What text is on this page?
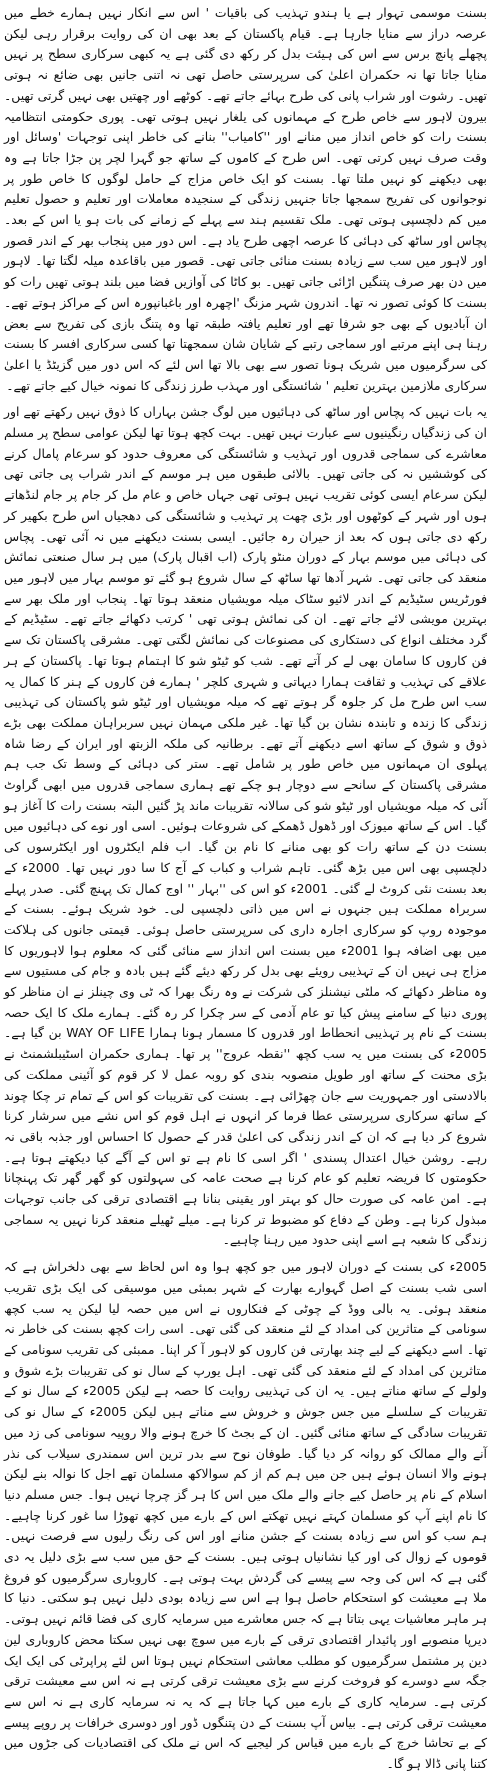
بسنت موسمی تہوار ہے یا ہندو تہذیب کی باقیات ' اس سے انکار نہیں ہمارے خطے میں عرصہ دراز سے منایا جارہا ہے۔ قیام پاکستان کے بعد بھی ان کی روایت برقرار رہی لیکن پچھلے پانچ برس سے اس کی ہیئت بدل کر رکھ دی گئی ہے یہ کبھی سرکاری سطح پر نہیں منایا جاتا تھا نہ حکمران اعلیٰ کی سرپرستی حاصل تھی نہ اتنی جانیں بھی ضائع نہ ہوتی تھیں۔ رشوت اور شراب پانی کی طرح بہائے جاتے تھے۔ کوٹھے اور چھتیں بھی نہیں گرتی تھیں۔ بیرون لاہور سے خاص طرح کے مہمانوں کی یلغار نہیں ہوتی تھی۔ پوری حکومتی انتظامیہ بسنت رات کو خاص انداز میں منانے اور ''کامیاب'' بنانے کی خاطر اپنی توجہات 'وسائل اور وقت صرف نہیں کرتی تھی۔ اس طرح کے کاموں کے ساتھ جو گہرا لچر پن جڑا جاتا ہے وہ بھی دیکھنے کو نہیں ملتا تھا۔ بسنت کو ایک خاص مزاج کے حامل لوگوں کا خاص طور پر نوجوانوں کی تفریح سمجھا جاتا جنہیں زندگی کے سنجیدہ معاملات اور تعلیم و حصول تعلیم میں کم دلچسپی ہوتی تھی۔ ملک تقسیم ہند سے پہلے کے زمانے کی بات ہو یا اس کے بعد۔ پچاس اور ساٹھ کی دہائی کا عرصہ اچھی طرح یاد ہے۔ اس دور میں پنجاب بھر کے اندر قصور اور لاہور میں سب سے زیادہ بسنت منائی جاتی تھی۔ قصور میں باقاعدہ میلہ لگتا تھا۔ لاہور میں دن بھر صرف پتنگیں اڑائی جاتی تھیں۔ بو کاٹا کی آوازیں فضا میں بلند ہوتی تھیں رات کو بسنت کا کوئی تصور نہ تھا۔ اندرون شہر مزنگ 'اچھرہ اور باغبانپورہ اس کے مراکز ہوتے تھے۔ ان آبادیوں کے بھی جو شرفا تھے اور تعلیم یافتہ طبقہ تھا وہ پتنگ بازی کی تفریح سے بعض رہنا ہی اپنے مرتبے اور سماجی رتبے کے شایان شان سمجھتا تھا کسی سرکاری افسر کا بسنت کی سرگرمیوں میں شریک ہونا تصور سے بھی بالا تھا اس لئے کہ اس دور میں گزیٹڈ یا اعلیٰ سرکاری ملازمین بہترین تعلیم ' شائستگی اور مہذب طرز زندگی کا نمونہ خیال کیے جاتے تھے۔

یہ بات نہیں کہ پچاس اور ساٹھ کی دہائیوں میں لوگ جشن بہاراں کا ذوق نہیں رکھتے تھے اور ان کی زندگیاں رنگینیوں سے عبارت نہیں تھیں۔ بہت کچھ ہوتا تھا لیکن عوامی سطح پر مسلم معاشرے کی سماجی قدروں اور تہذیب و شائستگی کی معروف حدود کو سرعام پامال کرنے کی کوششیں نہ کی جاتی تھیں۔ بالائی طبقوں میں ہر موسم کے اندر شراب پی جاتی تھی لیکن سرعام ایسی کوئی تقریب نہیں ہوتی تھی جہاں خاص و عام مل کر جام پر جام لنڈھاتے ہوں اور شہر کے کوٹھوں اور بڑی چھت پر تہذیب و شائستگی کی دھجیاں اس طرح بکھیر کر رکھ دی جاتی ہوں کہ بعد از حیران رہ جائیں۔ ایسی بسنت دیکھنے میں نہ آئی تھی۔ پچاس کی دہائی میں موسم بہار کے دوران منٹو پارک (اب اقبال پارک) میں ہر سال صنعتی نمائش منعقد کی جاتی تھی۔ شہر آدھا تھا ساٹھ کے سال شروع ہو گئے تو موسم بہار میں لاہور میں فورٹریس سٹیڈیم کے اندر لائیو سٹاک میلہ مویشیاں منعقد ہوتا تھا۔ پنجاب اور ملک بھر سے بہترین مویشی لائے جاتے تھے۔ ان کی نمائش ہوتی تھی ' کرتب دکھائے جاتے تھے۔ سٹیڈیم کے گرد مختلف انواع کی دستکاری کی مصنوعات کی نمائش لگتی تھی۔ مشرقی پاکستان تک سے فن کاروں کا سامان بھی لے کر آتے تھے۔ شب کو ٹیٹو شو کا اہتمام ہوتا تھا۔ پاکستان کے ہر علاقے کی تہذیب و ثقافت ہمارا دیہاتی و شہری کلچر ' ہمارے فن کاروں کے ہنر کا کمال یہ سب اس طرح مل کر جلوہ گر ہوتے تھے کہ میلہ مویشیاں اور ٹیٹو شو پاکستان کی تہذیبی زندگی کا زندہ و تابندہ نشان بن گیا تھا۔ غیر ملکی مہمان نہیں سربراہان مملکت بھی بڑے ذوق و شوق کے ساتھ اسے دیکھنے آتے تھے۔ برطانیہ کی ملکہ الزبتھ اور ایران کے رضا شاہ پہلوی ان مہمانوں میں خاص طور پر شامل تھے۔ ستر کی دہائی کے وسط تک جب ہم مشرقی پاکستان کے سانحے سے دوچار ہو چکے تھے ہماری سماجی قدروں میں ابھی گراوٹ آئی کہ میلہ مویشیاں اور ٹیٹو شو کی سالانہ تقریبات ماند پڑ گئیں البتہ بسنت رات کا آغاز ہو گیا۔ اس کے ساتھ میوزک اور ڈھول ڈھمکے کی شروعات ہوئیں۔ اسی اور نوے کی دہائیوں میں بسنت دن کے ساتھ رات کو بھی منانے کا نام بن گیا۔ اب فلم ایکٹروں اور ایکٹرسوں کی دلچسپی بھی اس میں بڑھ گئی۔ تاہم شراب و کباب کے آج کا سا دور نہیں تھا۔ 2000ء کے بعد بسنت نئی کروٹ لے گئی۔ 2001ء کو اس کی ''بہار '' اوج کمال تک پہنچ گئی۔ صدر پہلے سربراہ مملکت ہیں جنہوں نے اس میں ذاتی دلچسپی لی۔ خود شریک ہوئے۔ بسنت کے موجودہ روپ کو سرکاری اجارہ داری کی سرپرستی حاصل ہوئی۔ قیمتی جانوں کی ہلاکت میں بھی اضافہ ہوا 2001ء میں بسنت اس انداز سے منائی گئی کہ معلوم ہوا لاہوریوں کا مزاج ہی نہیں ان کے تہذیبی رویئے بھی بدل کر رکھ دیئے گئے ہیں بادہ و جام کی مستیوں سے وہ مناظر دکھائے کہ ملٹی نیشنلز کی شرکت نے وہ رنگ بھرا کہ ٹی وی چینلز نے ان مناظر کو پوری دنیا کے سامنے پیش کیا تو عام آدمی کے سر چکرا کر رہ گئے۔ ہمارے ملک کا ایک حصہ بسنت کے نام پر تہذیبی انحطاط اور قدروں کا مسمار ہونا ہمارا WAY OF LIFE بن گیا ہے۔ 2005ء کی بسنت میں یہ سب کچھ ''نقطہ عروج'' پر تھا۔ ہماری حکمران اسٹیبلشمنٹ نے بڑی محنت کے ساتھ اور طویل منصوبہ بندی کو روبہ عمل لا کر قوم کو آئینی مملکت کی بالادستی اور جمہوریت سے جان چھڑائی ہے۔ بسنت کی تقریبات کو اس کے تمام تر چکا چوند کے ساتھ سرکاری سرپرستی عطا فرما کر انہوں نے اہل قوم کو اس نشے میں سرشار کرنا شروع کر دیا ہے کہ ان کے اندر زندگی کی اعلیٰ قدر کے حصول کا احساس اور جذبہ باقی نہ رہے۔ روشن خیال اعتدال پسندی ' اگر اسی کا نام ہے تو اس کے آگے کیا دیکھتے ہوتا ہے۔ حکومتوں کا فریضہ تعلیم کو عام کرنا ہے صحت عامہ کی سہولتوں کو گھر گھر تک پہنچانا ہے۔ امن عامہ کی صورت حال کو بہتر اور یقینی بنانا ہے اقتصادی ترقی کی جانب توجہات مبذول کرنا ہے۔ وطن کے دفاع کو مضبوط تر کرنا ہے۔ میلے ٹھیلے منعقد کرنا نہیں یہ سماجی زندگی کا شعبہ ہے اسے اپنی حدود میں رہنا چاہیے۔

2005ء کی بسنت کے دوران لاہور میں جو کچھ ہوا وہ اس لحاظ سے بھی دلخراش ہے کہ اسی شب بسنت کے اصل گہوارے بھارت کے شہر بمبئی میں موسیقی کی ایک بڑی تقریب منعقد ہوئی۔ یہ بالی ووڈ کے چوٹی کے فنکاروں نے اس میں حصہ لیا لیکن یہ سب کچھ سونامی کے متاثرین کی امداد کے لئے منعقد کی گئی تھی۔ اسی رات کچھ بسنت کی خاطر نہ تھا۔ اسے دیکھنے کے لیے چند بھارتی فن کاروں کو لاہور آ کر اپنا۔ ممبئی کی تقریب سونامی کے متاثرین کی امداد کے لئے منعقد کی گئی تھی۔ اہل یورپ کے سال نو کی تقریبات بڑے شوق و ولولے کے ساتھ مناتے ہیں۔ یہ ان کی تہذیبی روایت کا حصہ ہے لیکن 2005ء کے سال نو کے تقریبات کے سلسلے میں جس جوش و خروش سے مناتے ہیں لیکن 2005ء کے سال نو کی تقریبات سادگی کے ساتھ منائی گئیں۔ ان کے بجٹ کا خرچ ہونے والا روپیہ سونامی کی زد میں آنے والے ممالک کو روانہ کر دیا گیا۔ طوفان نوح سے بدر ترین اس سمندری سیلاب کی نذر ہونے والا انسان ہوئے ہیں جن میں ہم کم از کم سوالاکھ مسلمان تھے اجل کا نوالہ بنے لیکن اسلام کے نام پر حاصل کیے جانے والے ملک میں اس کا ہر گز چرچا نہیں ہوا۔ جس مسلم دنیا کا نام اپنے آپ کو مسلمان کہتے نہیں تھکتے اس کے بارے میں کچھ تھوڑا سا غور کرنا چاہیے۔ ہم سب کو اس سے زیادہ بسنت کے جشن منانے اور اس کی رنگ رلیوں سے فرصت نہیں۔ قوموں کے زوال کی اور کیا نشانیاں ہوتی ہیں۔ بسنت کے حق میں سب سے بڑی دلیل یہ دی گئی ہے کہ اس کی وجہ سے پیسے کی گردش بہت ہوتی ہے۔ کاروباری سرگرمیوں کو فروغ ملا ہے معیشت کو استحکام حاصل ہوا ہے اس سے زیادہ بودی دلیل نہیں ہو سکتی۔ دنیا کا ہر ماہر معاشیات یہی بتاتا ہے کہ جس معاشرے میں سرمایہ کاری کی فضا قائم نہیں ہوتی۔ دیرپا منصوبے اور پائیدار اقتصادی ترقی کے بارے میں سوچ بھی نہیں سکتا محض کاروباری لین دین پر مشتمل سرگرمیوں کو مطلب معاشی استحکام نہیں ہوتا اس لئے پراپرٹی کی ایک ایک جگہ سے دوسرے کو فروخت کرنے سے بڑی معیشت ترقی کرتی ہے نہ اس سے معیشت ترقی کرتی ہے۔ سرمایہ کاری کے بارے میں کہا جاتا ہے کہ یہ نہ سرمایہ کاری ہے نہ اس سے معیشت ترقی کرتی ہے۔ بیاس آپ بسنت کے دن پتنگوں ڈور اور دوسری خرافات پر روپے پیسے کے بے تحاشا خرچ کے بارے میں قیاس کر لیجیے کہ اس نے ملک کی اقتصادیات کی جڑوں میں کتنا پانی ڈالا ہو گا۔
